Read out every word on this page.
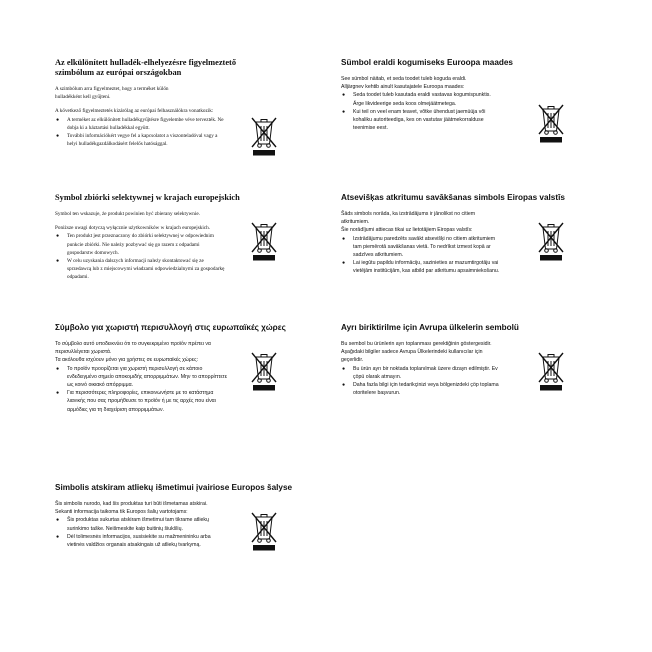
Az elkülönített hulladék-elhelyezésre figyelmeztető szimbólum az európai országokban

A szimbólum arra figyelmeztet, hogy a terméket külön hulladékként kell gyűjteni.

A következő figyelmeztetés kizárólag az európai felhasználókra vonatkozik:

● A terméket az elkülönített hulladékgyűjtésre figyelembe véve tervezték. Ne dobja ki a háztartási hulladékkal együtt.
● További információkért vegye fel a kapcsolatot a viszonteladóval vagy a helyi hulladékgazdálkodásért felelős hatósággal.
Sümbol eraldi kogumiseks Euroopa maades

See sümbol näitab, et seda toodet tuleb koguda eraldi.

Alljärgnev kehtib ainult kasutajatele Euroopa maades:

● Seda toodet tuleb kasutada eraldi vastavas kogumispunktis. Ärge likvideerige seda koos olmejäätmetega.
● Kui teil on veel enam teavet, võtke ühendust jaemüüja või kohaliku autoriteediga, kes on vastutav jäätmekorralduse teenimise eest.
Symbol zbiórki selektywnej w krajach europejskich

Symbol ten wskazuje, że produkt powinien być zbierany selektywnie.

Poniższe uwagi dotyczą wyłącznie użytkowników w krajach europejskich.

● Ten produkt jest przeznaczony do zbiórki selektywnej w odpowiednim punkcie zbiórki. Nie należy pozbywać się go razem z odpadami gospodarstw domowych.
● W celu uzyskania dalszych informacji należy skontaktować się ze sprzedawcą lub z miejscowymi władzami odpowiedzialnymi za gospodarkę odpadami.
Atsevišķas atkritumu savākšanas simbols Eiropas valstīs

Šāds simbols norāda, ka izstrādājums ir jānolikst no citiem atkritumiem.

Šie norādījumi attiecas tikai uz lietotājiem Eiropas valstīs:

● Izstrādājumu paredzēts savākt atsevišķi no citiem atkritumiem tam piemērotā savākšanas vietā. To nedrīkst izmest kopā ar sadzīves atkritumiem.
● Lai iegūtu papildu informāciju, sazinieties ar mazumtirgotāju vai vietējām institūcijām, kas atbild par atkritumu apsaimniekošanu.
Σύμβολο για χωριστή περισυλλογή στις ευρωπαϊκές χώρες

Το σύμβολο αυτό υποδεικνύει ότι το συγκεκριμένο προϊόν πρέπει να περισυλλέγεται χωριστά.

Τα ακόλουθα ισχύουν μόνο για χρήστες σε ευρωπαϊκές χώρες:

● Το προϊόν προορίζεται για χωριστή περισυλλογή σε κάποιο ενδεδειγμένο σημείο αποκομιδής απορριμμάτων. Μην το απορρίπτετε ως κοινό οικιακό απόρριμμα.
● Για περισσότερες πληροφορίες, επικοινωνήστε με το κατάστημα λιανικής που σας προμήθευσε το προϊόν ή με τις αρχές που είναι αρμόδιες για τη διαχείριση απορριμμάτων.
Ayrı biriktirilme için Avrupa ülkelerin sembolü

Bu sembol bu ürünlerin ayrı toplanması gerektiğinin göstergesidir.

Aşağıdaki bilgiler sadece Avrupa Ülkelerindeki kullanıcılar için geçerlidir.

● Bu ürün ayrı bir noktada toplanılmak üzere dizayn edilmiştir. Ev çöpü olarak atmayın.
● Daha fazla bilgi için tedarikçinizi veya bölgenizdeki çöp toplama otoritelere başvurun.
Simbolis atskiram atliekų išmetimui įvairiose Europos šalyse

Šis simbolis nurodo, kad šis produktas turi būti išmetamas atskirai.

Sekanti informacija taikoma tik Europos šalių vartotojams:

● Šis produktas sukurtas atskiram išmetimui tam tikrame atliekų surinkimo taške. Neišmeskite kaip buitinių šiukšlių.
● Dėl tolimesnės informacijos, susisiekite su mažmenininku arba vietinės valdžios organais atsakingais už atliekų tvarkymą.
